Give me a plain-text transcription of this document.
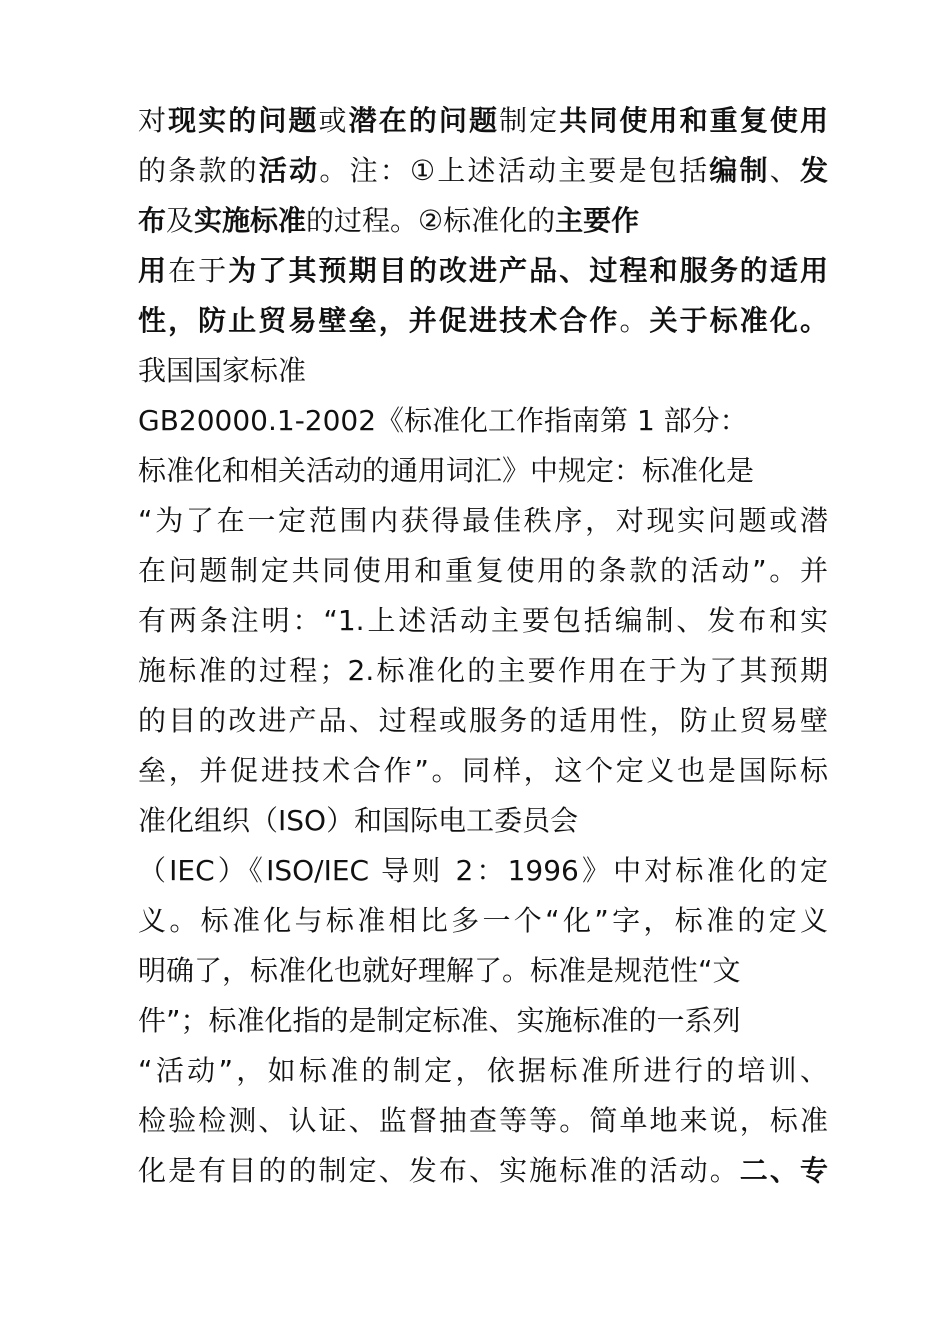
对现实的问题或潜在的问题制定共同使用和重复使用
的条款的活动。注：①上述活动主要是包括编制、发
布及实施标准的过程。②标准化的主要作
用在于为了其预期目的改进产品、过程和服务的适用
性，防止贸易壁垒，并促进技术合作。关于标准化。
我国国家标准
GB20000.1-2002《标准化工作指南第 1 部分：
标准化和相关活动的通用词汇》中规定：标准化是
“为了在一定范围内获得最佳秩序，对现实问题或潜
在问题制定共同使用和重复使用的条款的活动”。并
有两条注明：“1.上述活动主要包括编制、发布和实
施标准的过程；2.标准化的主要作用在于为了其预期
的目的改进产品、过程或服务的适用性，防止贸易壁
垒，并促进技术合作”。同样，这个定义也是国际标
准化组织（ISO）和国际电工委员会
（IEC）《ISO/IEC 导则 2：1996》中对标准化的定
义。标准化与标准相比多一个“化”字，标准的定义
明确了，标准化也就好理解了。标准是规范性“文
件”；标准化指的是制定标准、实施标准的一系列
“活动”，如标准的制定，依据标准所进行的培训、
检验检测、认证、监督抽查等等。简单地来说，标准
化是有目的的制定、发布、实施标准的活动。二、专
